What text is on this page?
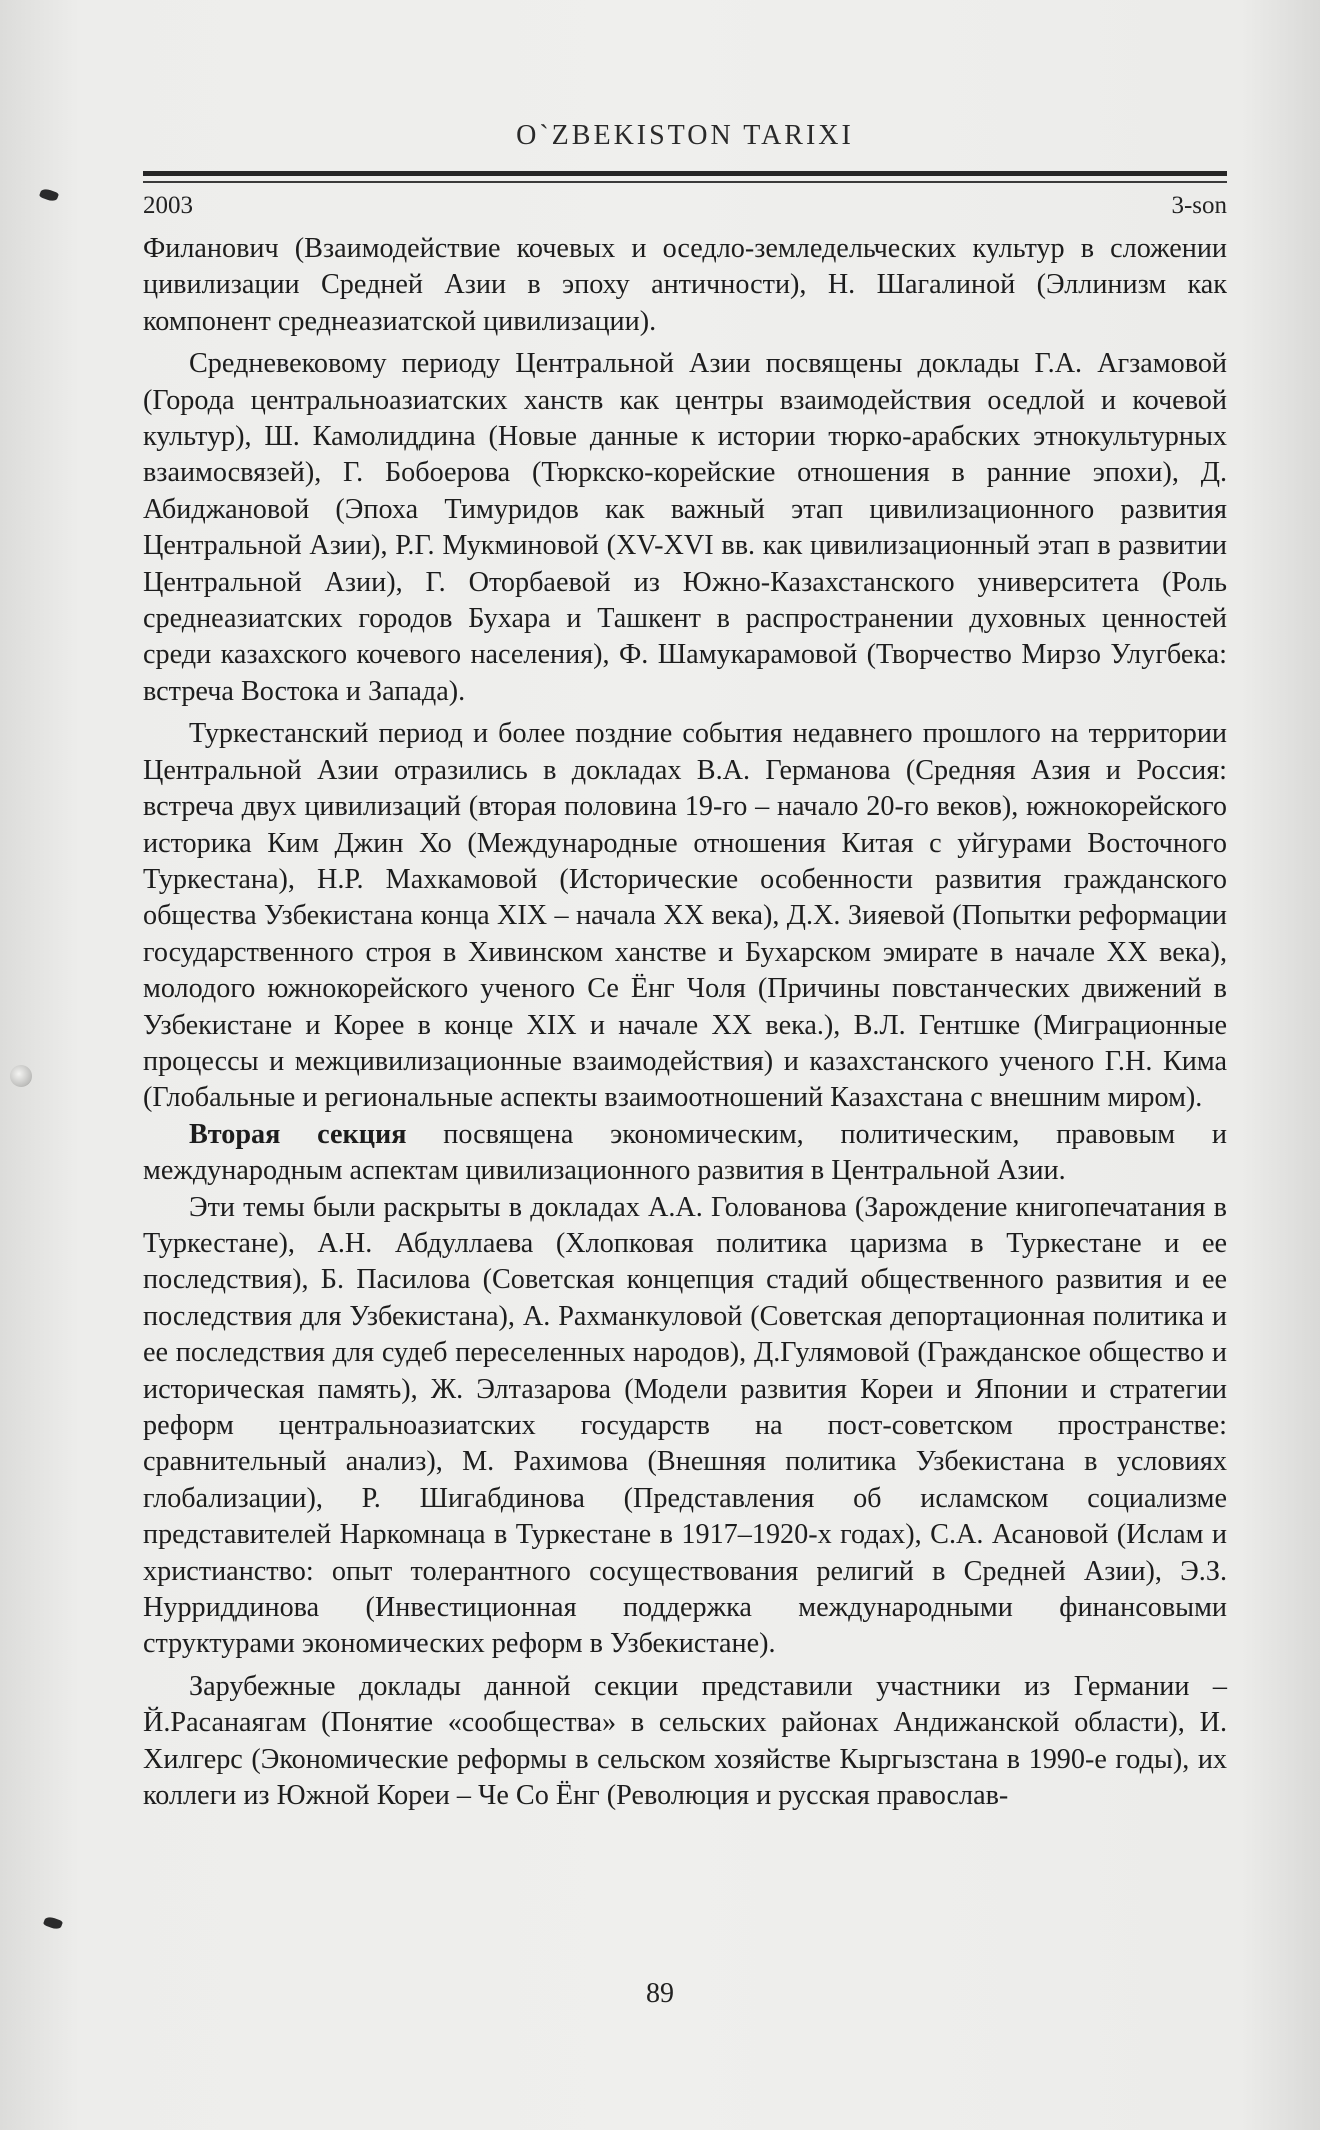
O`ZBEKISTON TARIXI
2003	3-son

Филанович (Взаимодействие кочевых и оседло-земледельческих культур в сложении цивилизации Средней Азии в эпоху античности), Н. Шагалиной (Эллинизм как компонент среднеазиатской цивилизации).

Средневековому периоду Центральной Азии посвящены доклады Г.А. Агзамовой (Города центральноазиатских ханств как центры взаимодействия оседлой и кочевой культур), Ш. Камолиддина (Новые данные к истории тюрко-арабских этнокультурных взаимосвязей), Г. Бобоерова (Тюркско-корейские отношения в ранние эпохи), Д. Абиджановой (Эпоха Тимуридов как важный этап цивилизационного развития Центральной Азии), Р.Г. Мукминовой (XV-XVI вв. как цивилизационный этап в развитии Центральной Азии), Г. Оторбаевой из Южно-Казахстанского университета (Роль среднеазиатских городов Бухара и Ташкент в распространении духовных ценностей среди казахского кочевого населения), Ф. Шамукарамовой (Творчество Мирзо Улугбека: встреча Востока и Запада).

Туркестанский период и более поздние события недавнего прошлого на территории Центральной Азии отразились в докладах В.А. Германова (Средняя Азия и Россия: встреча двух цивилизаций (вторая половина 19-го – начало 20-го веков), южнокорейского историка Ким Джин Хо (Международные отношения Китая с уйгурами Восточного Туркестана), Н.Р. Махкамовой (Исторические особенности развития гражданского общества Узбекистана конца XIX – начала XX века), Д.Х. Зияевой (Попытки реформации государственного строя в Хивинском ханстве и Бухарском эмирате в начале XX века), молодого южнокорейского ученого Се Ёнг Чоля (Причины повстанческих движений в Узбекистане и Корее в конце XIX и начале XX века.), В.Л. Гентшке (Миграционные процессы и межцивилизационные взаимодействия) и казахстанского ученого Г.Н. Кима (Глобальные и региональные аспекты взаимоотношений Казахстана с внешним миром).

Вторая секция посвящена экономическим, политическим, правовым и международным аспектам цивилизационного развития в Центральной Азии.

Эти темы были раскрыты в докладах А.А. Голованова (Зарождение книгопечатания в Туркестане), А.Н. Абдуллаева (Хлопковая политика царизма в Туркестане и ее последствия), Б. Пасилова (Советская концепция стадий общественного развития и ее последствия для Узбекистана), А. Рахманкуловой (Советская депортационная политика и ее последствия для судеб переселенных народов), Д.Гулямовой (Гражданское общество и историческая память), Ж. Элтазарова (Модели развития Кореи и Японии и стратегии реформ центральноазиатских государств на пост-советском пространстве: сравнительный анализ), М. Рахимова (Внешняя политика Узбекистана в условиях глобализации), Р. Шигабдинова (Представления об исламском социализме представителей Наркомнаца в Туркестане в 1917–1920-х годах), С.А. Асановой (Ислам и христианство: опыт толерантного сосуществования религий в Средней Азии), Э.З. Нурриддинова (Инвестиционная поддержка международными финансовыми структурами экономических реформ в Узбекистане).

Зарубежные доклады данной секции представили участники из Германии – Й.Расанаягам (Понятие «сообщества» в сельских районах Андижанской области), И. Хилгерс (Экономические реформы в сельском хозяйстве Кыргызстана в 1990-е годы), их коллеги из Южной Кореи – Че Со Ёнг (Революция и русская православ-

89
